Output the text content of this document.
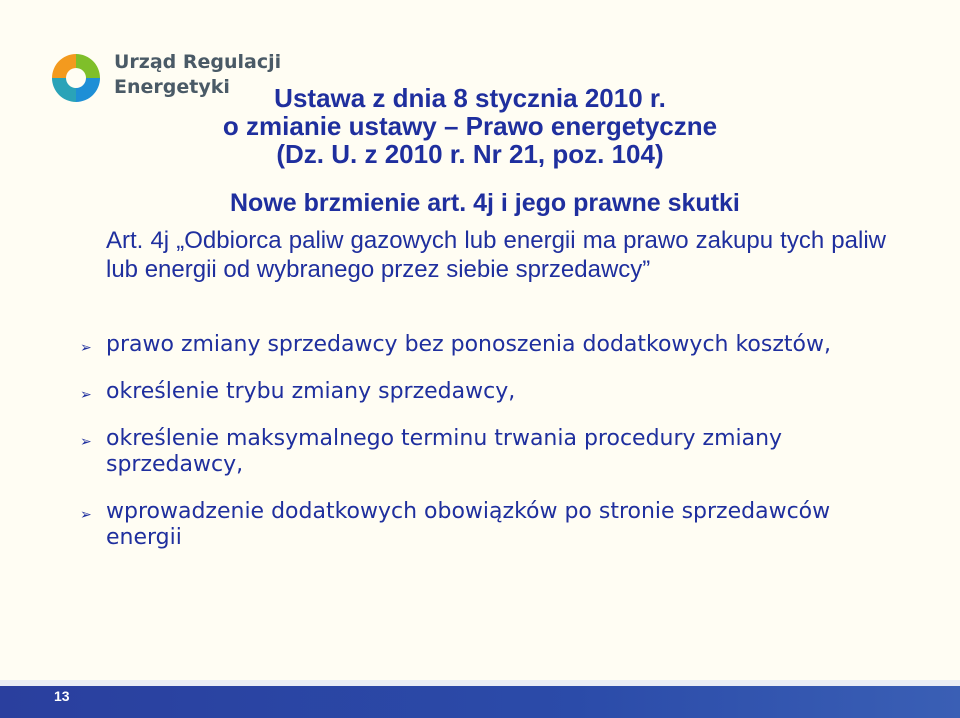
Urząd Regulacji
Energetyki	Ustawa z dnia 8 stycznia 2010 r.
o zmianie ustawy – Prawo energetyczne
(Dz. U. z 2010 r. Nr 21, poz. 104)
Nowe brzmienie art. 4j i jego prawne skutki
Art. 4j „Odbiorca paliw gazowych lub energii ma prawo zakupu tych paliw lub energii od wybranego przez siebie sprzedawcy”
➢ prawo zmiany sprzedawcy bez ponoszenia dodatkowych kosztów,
➢ określenie trybu zmiany sprzedawcy,
➢ określenie maksymalnego terminu trwania procedury zmiany sprzedawcy,
➢ wprowadzenie dodatkowych obowiązków po stronie sprzedawców energii
13
